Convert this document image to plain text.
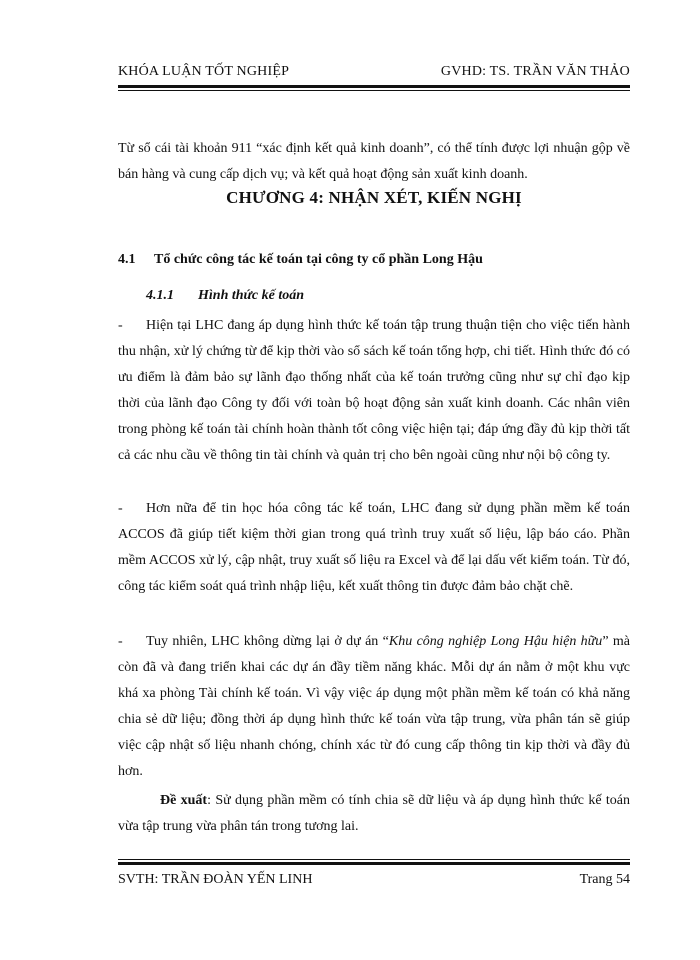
KHÓA LUẬN TỐT NGHIỆP	GVHD: TS. TRẦN VĂN THẢO
Từ sổ cái tài khoản 911 “xác định kết quả kinh doanh”, có thể tính được lợi nhuận gộp về bán hàng và cung cấp dịch vụ; và kết quả hoạt động sản xuất kinh doanh.
CHƯƠNG 4: NHẬN XÉT, KIẾN NGHỊ
4.1 Tổ chức công tác kế toán tại công ty cổ phần Long Hậu
4.1.1 Hình thức kế toán
- Hiện tại LHC đang áp dụng hình thức kế toán tập trung thuận tiện cho việc tiến hành thu nhận, xử lý chứng từ để kịp thời vào sổ sách kế toán tổng hợp, chi tiết. Hình thức đó có ưu điểm là đảm bảo sự lãnh đạo thống nhất của kế toán trưởng cũng như sự chỉ đạo kịp thời của lãnh đạo Công ty đối với toàn bộ hoạt động sản xuất kinh doanh. Các nhân viên trong phòng kế toán tài chính hoàn thành tốt công việc hiện tại; đáp ứng đầy đủ kịp thời tất cả các nhu cầu về thông tin tài chính và quản trị cho bên ngoài cũng như nội bộ công ty.
- Hơn nữa để tin học hóa công tác kế toán, LHC đang sử dụng phần mềm kế toán ACCOS đã giúp tiết kiệm thời gian trong quá trình truy xuất số liệu, lập báo cáo. Phần mềm ACCOS xử lý, cập nhật, truy xuất số liệu ra Excel và để lại dấu vết kiểm toán. Từ đó, công tác kiểm soát quá trình nhập liệu, kết xuất thông tin được đảm bảo chặt chẽ.
- Tuy nhiên, LHC không dừng lại ở dự án “Khu công nghiệp Long Hậu hiện hữu” mà còn đã và đang triển khai các dự án đầy tiềm năng khác. Mỗi dự án nằm ở một khu vực khá xa phòng Tài chính kế toán. Vì vậy việc áp dụng một phần mềm kế toán có khả năng chia sẻ dữ liệu; đồng thời áp dụng hình thức kế toán vừa tập trung, vừa phân tán sẽ giúp việc cập nhật số liệu nhanh chóng, chính xác từ đó cung cấp thông tin kịp thời và đầy đủ hơn.
Đề xuất: Sử dụng phần mềm có tính chia sẽ dữ liệu và áp dụng hình thức kế toán vừa tập trung vừa phân tán trong tương lai.
SVTH: TRẦN ĐOÀN YẾN LINH	Trang 54
